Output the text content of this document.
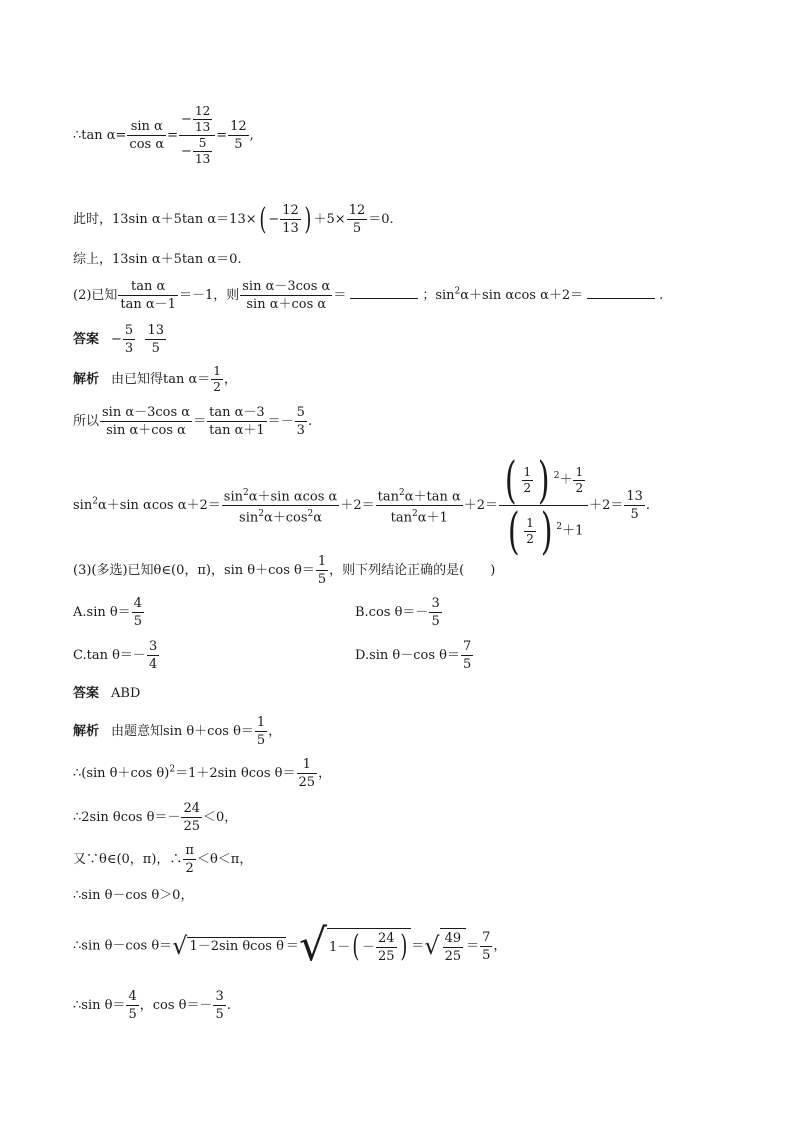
∴tan $\alpha= \frac{\text{sin α}}{\text{cos α}} = \frac{- \frac{12}{13}}{- \frac{5}{13}} = \frac{12}{5}$ ,
此时，13sin α＋5tan $\alpha=13\times( - \frac{12}{13}$ ) $+5\times \frac{12}{5} =0$.
综上，13sin α＋5tan α＝0.
(2)已知 $\frac{\text{tan α}}{\text{tan α－1}} =-1$，则 $\frac{\text{sin α－3cos α}}{\text{sin α＋cos α}}$ ＝	；$\sin^2\alpha+\sin$ αcos α＋2＝	.
答案 − $\frac{5}{3}$
$\frac{13}{5}$
解析 由已知得$\tan \alpha= \frac{1}{2}$ ，
所以 $\frac{\text{sin α－3cos α}}{\text{sin α＋cos α}} = \frac{\text{tan α－3}}{\text{tan α＋1}} =- \frac{5}{3}$ .
$\sin^2\alpha+\sin$ αcos $\alpha+2= \frac{\sin^2\alpha+\sin \alpha\cos \alpha}{\sin^2\alpha+\cos^2\alpha} +2= \frac{\tan^2\alpha+\tan \alpha}{\tan^2\alpha+1} +2= \frac{( \frac{1}{2} ) ^2+ \frac{1}{2}}{( \frac{1}{2} ) ^2+1} +2= \frac{13}{5}$ .
(3)(多选)已知θ∈(0，π)，sin θ＋cos $\theta= \frac{1}{5}$ ，则下列结论正确的是(　　)
A.sin $\theta= \frac{4}{5}$	B.cos $\theta=- \frac{3}{5}$
C.tan $\theta=- \frac{3}{4}$	D.sin θ－cos $\theta= \frac{7}{5}$
答案 ABD
解析 由题意知sin θ＋cos $\theta= \frac{1}{5}$ ，
∴(sin θ＋cos θ)$^2$＝1＋2sin θcos $\theta= \frac{1}{25}$ ，
∴2sin θcos $\theta=- \frac{24}{25} <0$，
又∵θ∈(0，π)，∴ $\frac{\pi}{2} <\theta<\pi$，
∴sin θ－cos θ＞0，
∴sin θ－cos θ＝√ 1－2sin θcos θ ＝√ $1-( - \frac{24}{25}$ ) ＝√ $\frac{49}{25} = \frac{7}{5}$ ，
∴sin $\theta= \frac{4}{5}$ ，$\cos \theta=- \frac{3}{5}$ .
